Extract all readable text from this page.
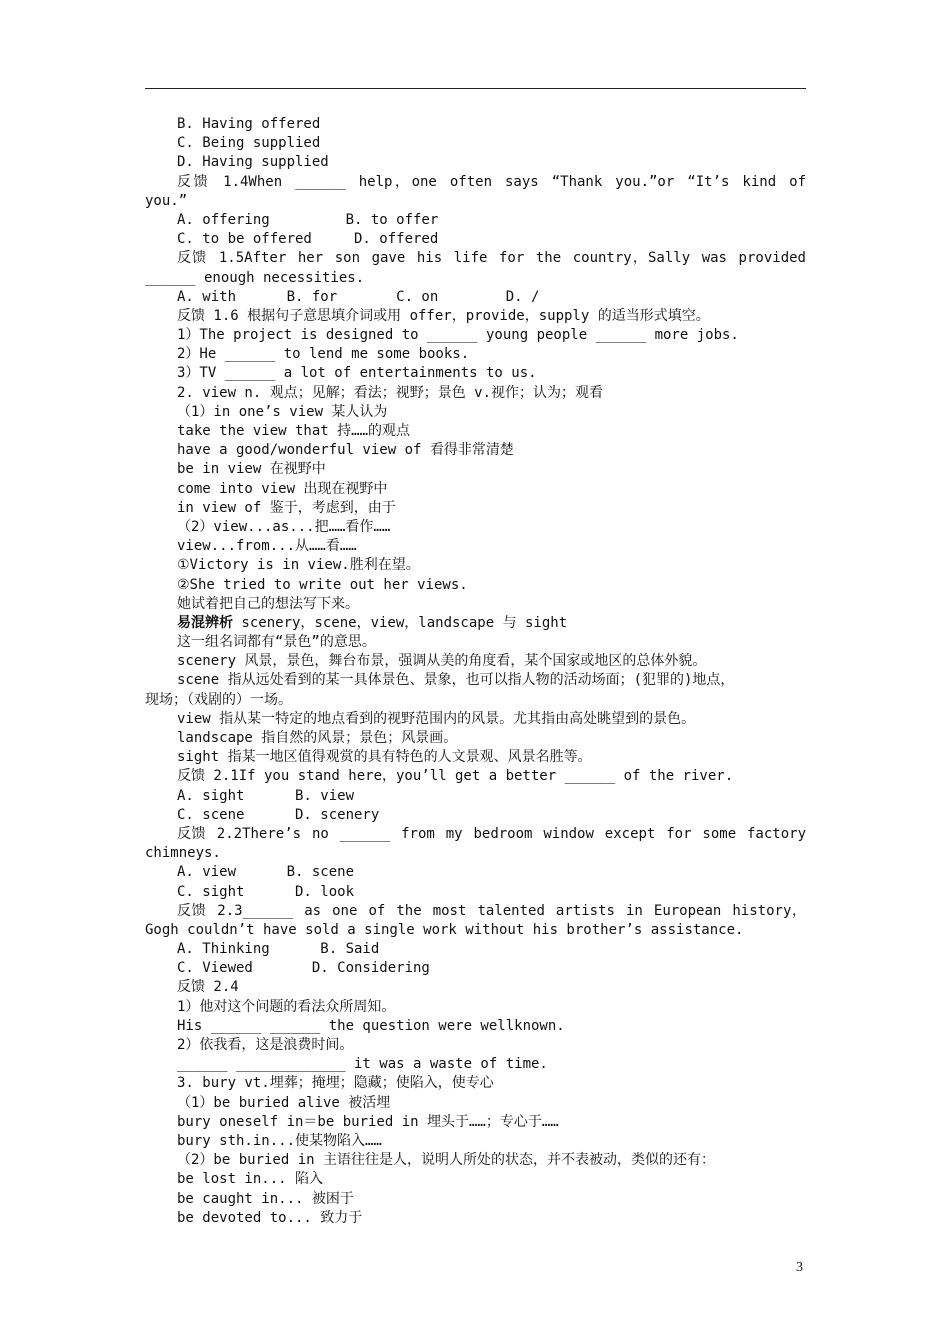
B. Having offered
C. Being supplied
D. Having supplied
反馈 1.4When ______ help，one often says “Thank you.”or “It’s kind of
you.”
A. offering         B. to offer
C. to be offered     D. offered
反馈 1.5After her son gave his life for the country，Sally was provided
______ enough necessities.
A. with      B. for       C. on        D. /
反馈 1.6 根据句子意思填介词或用 offer，provide，supply 的适当形式填空。
1）The project is designed to ______ young people ______ more jobs.
2）He ______ to lend me some books.
3）TV ______ a lot of entertainments to us.
2. view n. 观点；见解；看法；视野；景色 v.视作；认为；观看
（1）in one’s view 某人认为
take the view that 持……的观点
have a good/wonderful view of 看得非常清楚
be in view 在视野中
come into view 出现在视野中
in view of 鉴于，考虑到，由于
（2）view...as...把……看作……
view...from...从……看……
①Victory is in view.胜利在望。
②She tried to write out her views.
她试着把自己的想法写下来。
易混辨析 scenery，scene，view，landscape 与 sight
这一组名词都有“景色”的意思。
scenery 风景，景色，舞台布景，强调从美的角度看，某个国家或地区的总体外貌。
scene 指从远处看到的某一具体景色、景象，也可以指人物的活动场面；(犯罪的)地点，
现场；（戏剧的）一场。
view 指从某一特定的地点看到的视野范围内的风景。尤其指由高处眺望到的景色。
landscape 指自然的风景；景色；风景画。
sight 指某一地区值得观赏的具有特色的人文景观、风景名胜等。
反馈 2.1If you stand here，you’ll get a better ______ of the river.
A. sight      B. view
C. scene      D. scenery
反馈 2.2There’s no ______ from my bedroom window except for some factory
chimneys.
A. view      B. scene
C. sight      D. look
反馈 2.3______ as one of the most talented artists in European history，
Gogh couldn’t have sold a single work without his brother’s assistance.
A. Thinking      B. Said
C. Viewed       D. Considering
反馈 2.4
1）他对这个问题的看法众所周知。
His ______ ______ the question were wellknown.
2）依我看，这是浪费时间。
______ _____________ it was a waste of time.
3. bury vt.埋葬；掩埋；隐藏；使陷入，使专心
（1）be buried alive 被活埋
bury oneself in＝be buried in 埋头于……；专心于……
bury sth.in...使某物陷入……
（2）be buried in 主语往往是人，说明人所处的状态，并不表被动，类似的还有：
be lost in... 陷入
be caught in... 被困于
be devoted to... 致力于
3
